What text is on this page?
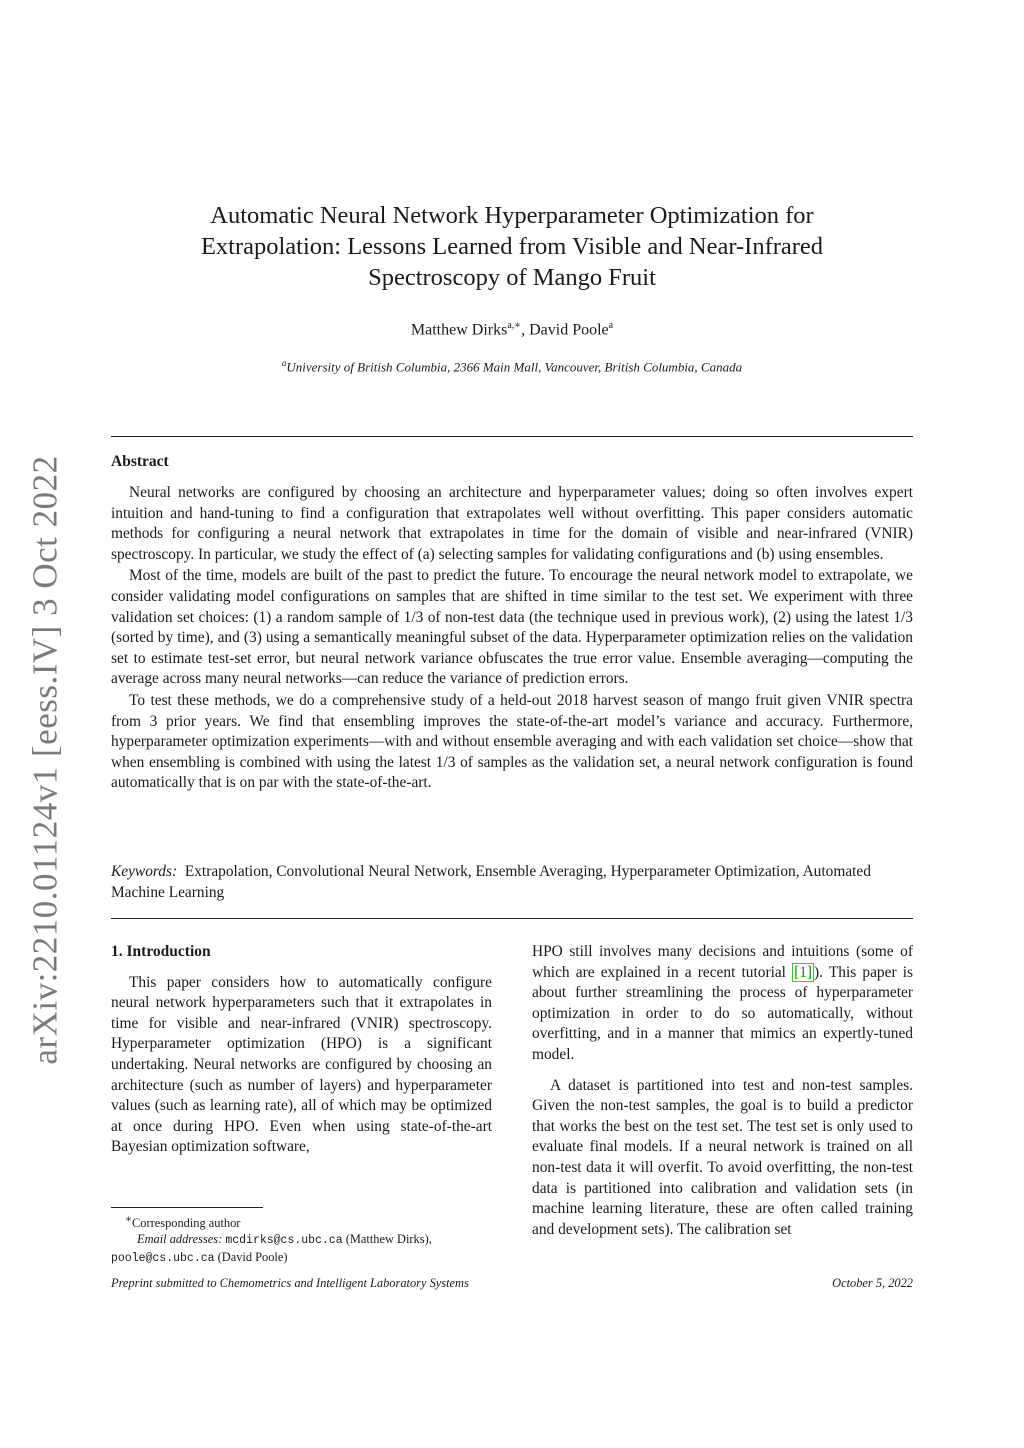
arXiv:2210.01124v1 [eess.IV] 3 Oct 2022
Automatic Neural Network Hyperparameter Optimization for
Extrapolation: Lessons Learned from Visible and Near-Infrared
Spectroscopy of Mango Fruit
Matthew Dirks$^{a,∗}$, David Poole$^a$
$^a$University of British Columbia, 2366 Main Mall, Vancouver, British Columbia, Canada
Abstract

Neural networks are configured by choosing an architecture and hyperparameter values; doing so often involves expert intuition and hand-tuning to find a configuration that extrapolates well without overfitting. This paper considers automatic methods for configuring a neural network that extrapolates in time for the domain of visible and near-infrared (VNIR) spectroscopy. In particular, we study the effect of (a) selecting samples for validating configurations and (b) using ensembles.

Most of the time, models are built of the past to predict the future. To encourage the neural network model to extrapolate, we consider validating model configurations on samples that are shifted in time similar to the test set. We experiment with three validation set choices: (1) a random sample of 1/3 of non-test data (the technique used in previous work), (2) using the latest 1/3 (sorted by time), and (3) using a semantically meaningful subset of the data. Hyperparameter optimization relies on the validation set to estimate test-set error, but neural network variance obfuscates the true error value. Ensemble averaging—computing the average across many neural networks—can reduce the variance of prediction errors.

To test these methods, we do a comprehensive study of a held-out 2018 harvest season of mango fruit given VNIR spectra from 3 prior years. We find that ensembling improves the state-of-the-art model’s variance and accuracy. Furthermore, hyperparameter optimization experiments—with and without ensemble averaging and with each validation set choice—show that when ensembling is combined with using the latest 1/3 of samples as the validation set, a neural network configuration is found automatically that is on par with the state-of-the-art.

Keywords: Extrapolation, Convolutional Neural Network, Ensemble Averaging, Hyperparameter Optimization, Automated Machine Learning

1. Introduction

This paper considers how to automatically configure neural network hyperparameters such that it extrapolates in time for visible and near-infrared (VNIR) spectroscopy. Hyperparameter optimization (HPO) is a significant undertaking. Neural networks are configured by choosing an architecture (such as number of layers) and hyperparameter values (such as learning rate), all of which may be optimized at once during HPO. Even when using state-of-the-art Bayesian optimization software,

HPO still involves many decisions and intuitions (some of which are explained in a recent tutorial [1] ). This paper is about further streamlining the process of hyperparameter optimization in order to do so automatically, without overfitting, and in a manner that mimics an expertly-tuned model.

A dataset is partitioned into test and non-test samples. Given the non-test samples, the goal is to build a predictor that works the best on the test set. The test set is only used to evaluate final models. If a neural network is trained on all non-test data it will overfit. To avoid overfitting, the non-test data is partitioned into calibration and validation sets (in machine learning literature, these are often called training and development sets). The calibration set

∗Corresponding author
Email addresses: mcdirks@cs.ubc.ca (Matthew Dirks),
poole@cs.ubc.ca (David Poole)
Preprint submitted to Chemometrics and Intelligent Laboratory Systems	October 5, 2022
